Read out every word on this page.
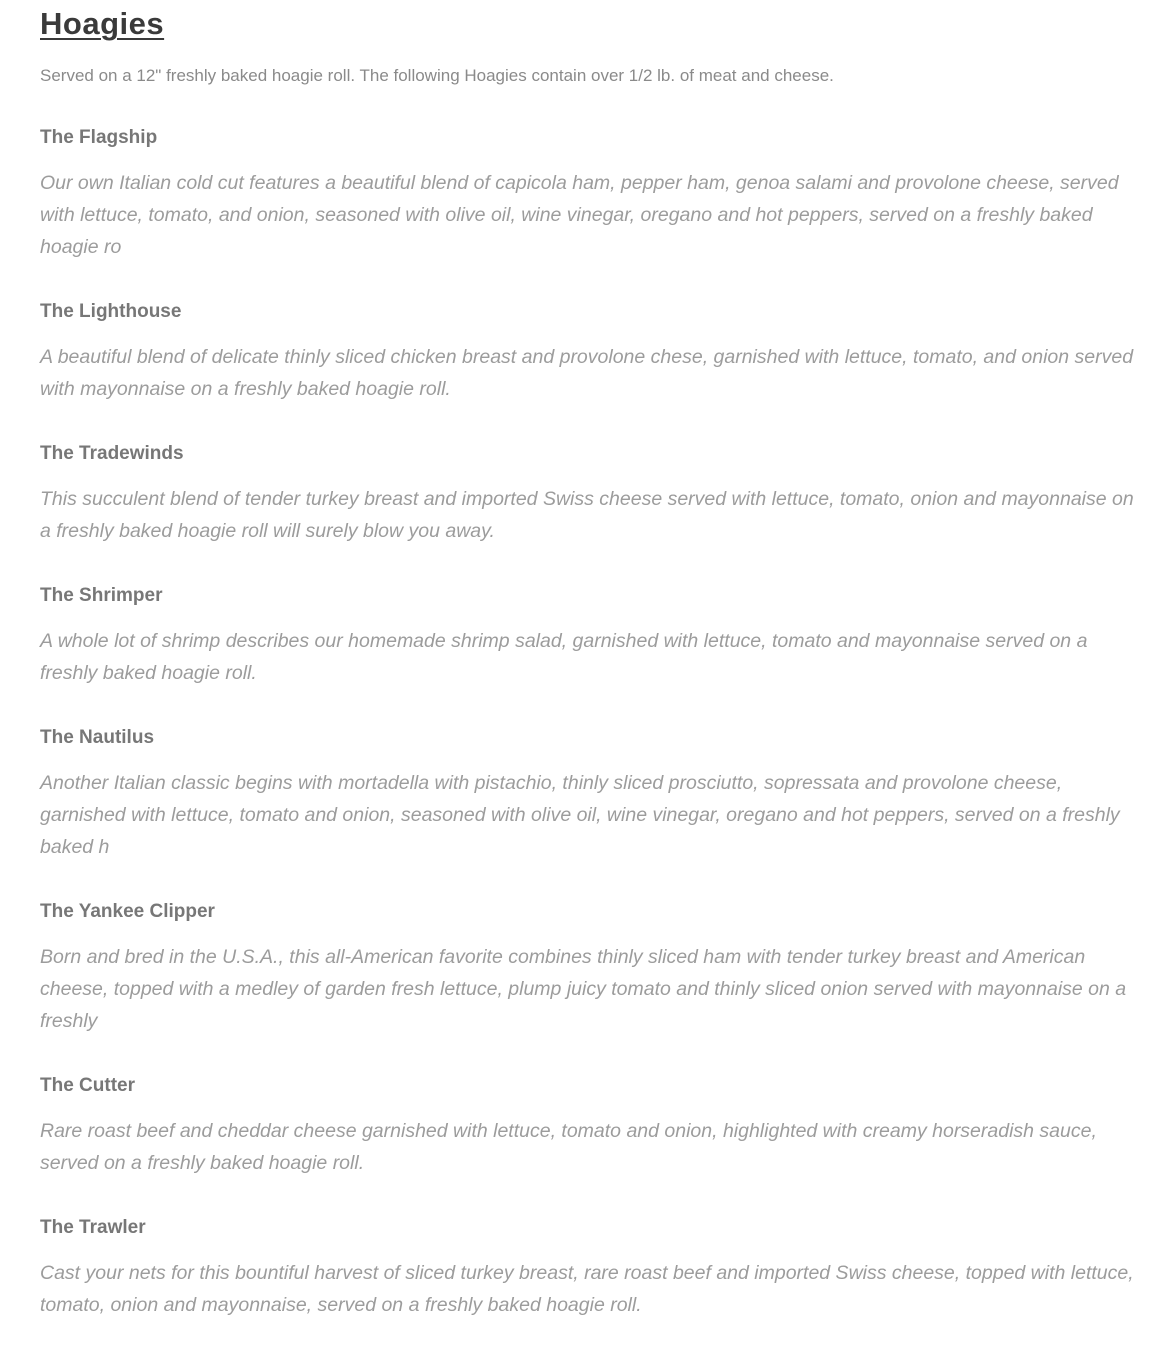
Hoagies

Served on a 12" freshly baked hoagie roll. The following Hoagies contain over 1/2 lb. of meat and cheese.

The Flagship

Our own Italian cold cut features a beautiful blend of capicola ham, pepper ham, genoa salami and provolone cheese, served with lettuce, tomato, and onion, seasoned with olive oil, wine vinegar, oregano and hot peppers, served on a freshly baked hoagie ro

The Lighthouse

A beautiful blend of delicate thinly sliced chicken breast and provolone chese, garnished with lettuce, tomato, and onion served with mayonnaise on a freshly baked hoagie roll.

The Tradewinds

This succulent blend of tender turkey breast and imported Swiss cheese served with lettuce, tomato, onion and mayonnaise on a freshly baked hoagie roll will surely blow you away.

The Shrimper

A whole lot of shrimp describes our homemade shrimp salad, garnished with lettuce, tomato and mayonnaise served on a freshly baked hoagie roll.

The Nautilus

Another Italian classic begins with mortadella with pistachio, thinly sliced prosciutto, sopressata and provolone cheese, garnished with lettuce, tomato and onion, seasoned with olive oil, wine vinegar, oregano and hot peppers, served on a freshly baked h

The Yankee Clipper

Born and bred in the U.S.A., this all-American favorite combines thinly sliced ham with tender turkey breast and American cheese, topped with a medley of garden fresh lettuce, plump juicy tomato and thinly sliced onion served with mayonnaise on a freshly

The Cutter

Rare roast beef and cheddar cheese garnished with lettuce, tomato and onion, highlighted with creamy horseradish sauce, served on a freshly baked hoagie roll.

The Trawler

Cast your nets for this bountiful harvest of sliced turkey breast, rare roast beef and imported Swiss cheese, topped with lettuce, tomato, onion and mayonnaise, served on a freshly baked hoagie roll.
